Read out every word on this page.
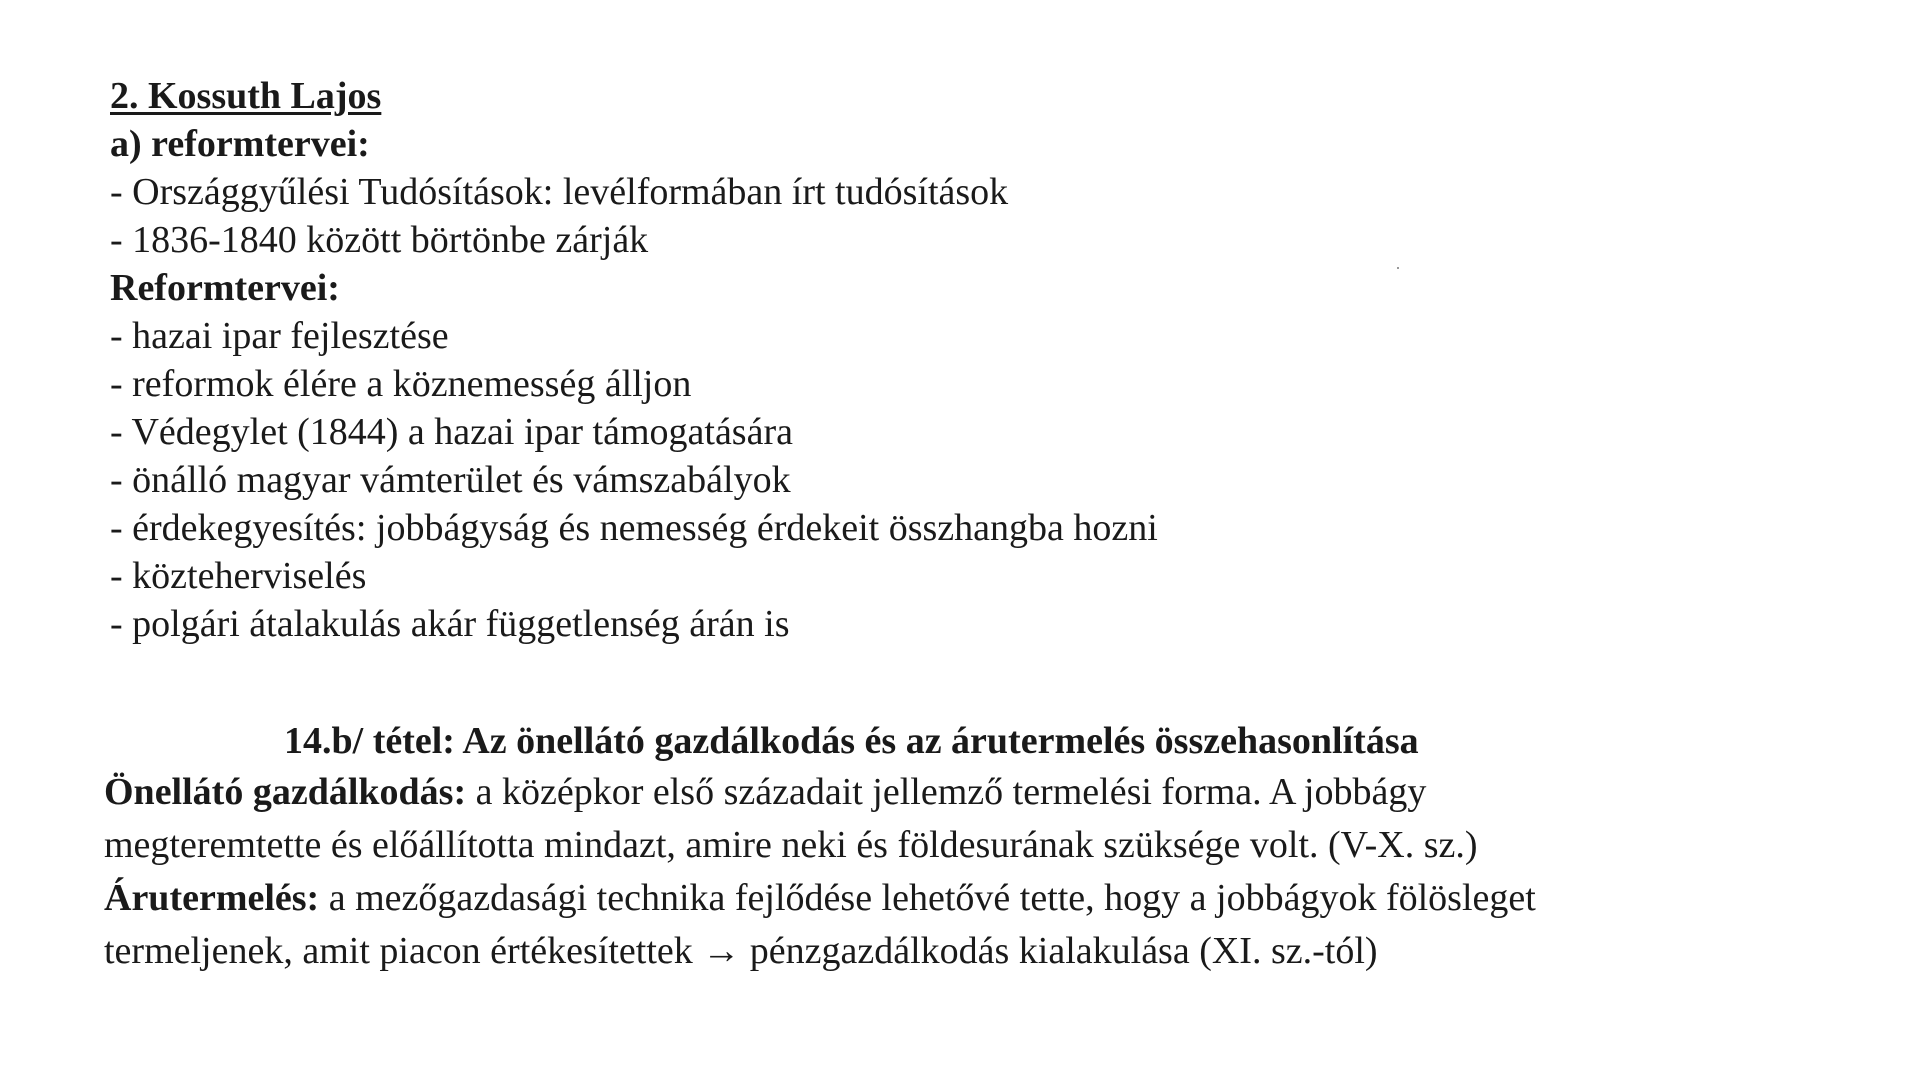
2. Kossuth Lajos
a) reformtervei:
- Országgyűlési Tudósítások: levélformában írt tudósítások
- 1836-1840 között börtönbe zárják
Reformtervei:
- hazai ipar fejlesztése
- reformok élére a köznemesség álljon
- Védegylet (1844) a hazai ipar támogatására
- önálló magyar vámterület és vámszabályok
- érdekegyesítés: jobbágyság és nemesség érdekeit összhangba hozni
- közteherviselés
- polgári átalakulás akár függetlenség árán is
14.b/ tétel: Az önellátó gazdálkodás és az árutermelés összehasonlítása
Önellátó gazdálkodás: a középkor első századait jellemző termelési forma. A jobbágy
megteremtette és előállította mindazt, amire neki és földesurának szüksége volt. (V-X. sz.)
Árutermelés: a mezőgazdasági technika fejlődése lehetővé tette, hogy a jobbágyok fölösleget
termeljenek, amit piacon értékesítettek → pénzgazdálkodás kialakulása (XI. sz.-tól)
